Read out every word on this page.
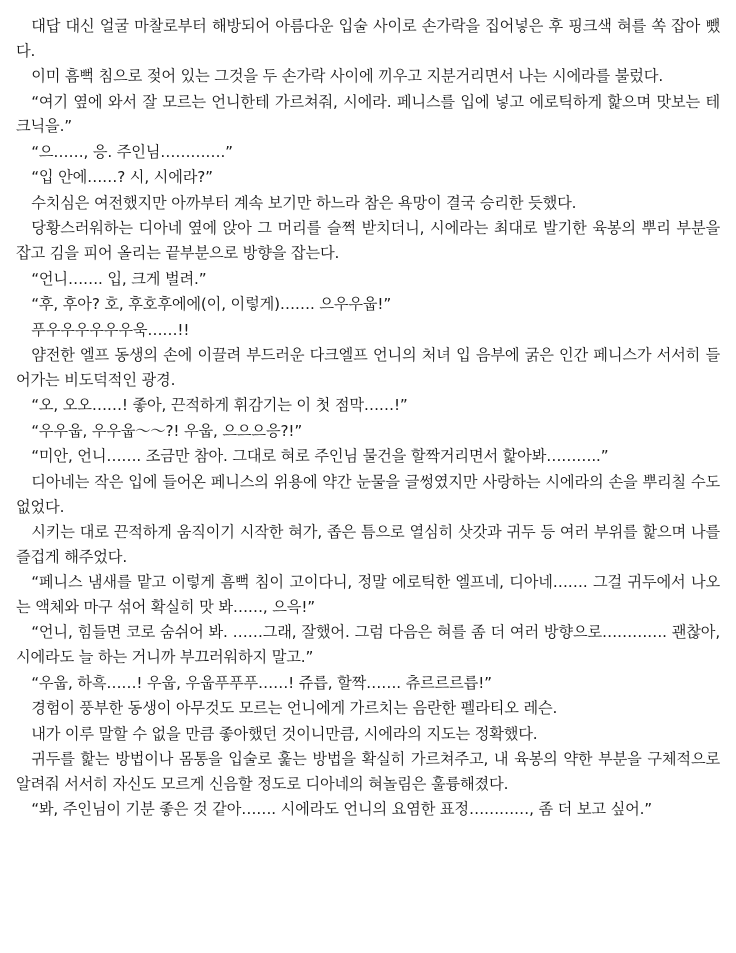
대답 대신 얼굴 마찰로부터 해방되어 아름다운 입술 사이로 손가락을 집어넣은 후 핑크색 혀를 쏙 잡아 뺐다.

이미 흠뻑 침으로 젖어 있는 그것을 두 손가락 사이에 끼우고 지분거리면서 나는 시에라를 불렀다.

“여기 옆에 와서 잘 모르는 언니한테 가르쳐줘, 시에라. 페니스를 입에 넣고 에로틱하게 핥으며 맛보는 테크닉을.”

“으……, 응. 주인님………….”

“입 안에……? 시, 시에라?”

수치심은 여전했지만 아까부터 계속 보기만 하느라 참은 욕망이 결국 승리한 듯했다.

당황스러워하는 디아네 옆에 앉아 그 머리를 슬쩍 받치더니, 시에라는 최대로 발기한 육봉의 뿌리 부분을 잡고 김을 피어 올리는 끝부분으로 방향을 잡는다.

“언니……. 입, 크게 벌려.”

“후, 후아? 호, 후호후에에(이, 이렇게)……. 으우우웁!”

푸우우우우우우욱……!!

얌전한 엘프 동생의 손에 이끌려 부드러운 다크엘프 언니의 처녀 입 음부에 굵은 인간 페니스가 서서히 들어가는 비도덕적인 광경.

“오, 오오……! 좋아, 끈적하게 휘감기는 이 첫 점막……!”

“우우웁, 우우웁〜〜?! 우웁, 으으으응?!”

“미안, 언니……. 조금만 참아. 그대로 혀로 주인님 물건을 할짝거리면서 핥아봐………..”

디아네는 작은 입에 들어온 페니스의 위용에 약간 눈물을 글썽였지만 사랑하는 시에라의 손을 뿌리칠 수도 없었다.

시키는 대로 끈적하게 움직이기 시작한 혀가, 좁은 틈으로 열심히 삿갓과 귀두 등 여러 부위를 핥으며 나를 즐겁게 해주었다.

“페니스 냄새를 맡고 이렇게 흠뻑 침이 고이다니, 정말 에로틱한 엘프네, 디아네……. 그걸 귀두에서 나오는 액체와 마구 섞어 확실히 맛 봐……, 으윽!”

“언니, 힘들면 코로 숨쉬어 봐. ……그래, 잘했어. 그럼 다음은 혀를 좀 더 여러 방향으로…………. 괜찮아, 시에라도 늘 하는 거니까 부끄러워하지 말고.”

“우웁, 하흑……! 우웁, 우웁푸푸푸……! 쥬릅, 할짝……. 츄르르르릅!”

경험이 풍부한 동생이 아무것도 모르는 언니에게 가르치는 음란한 펠라티오 레슨.

내가 이루 말할 수 없을 만큼 좋아했던 것이니만큼, 시에라의 지도는 정확했다.

귀두를 핥는 방법이나 몸통을 입술로 훑는 방법을 확실히 가르쳐주고, 내 육봉의 약한 부분을 구체적으로 알려줘 서서히 자신도 모르게 신음할 정도로 디아네의 혀놀림은 훌륭해졌다.

“봐, 주인님이 기분 좋은 것 같아……. 시에라도 언니의 요염한 표정…………, 좀 더 보고 싶어.”
